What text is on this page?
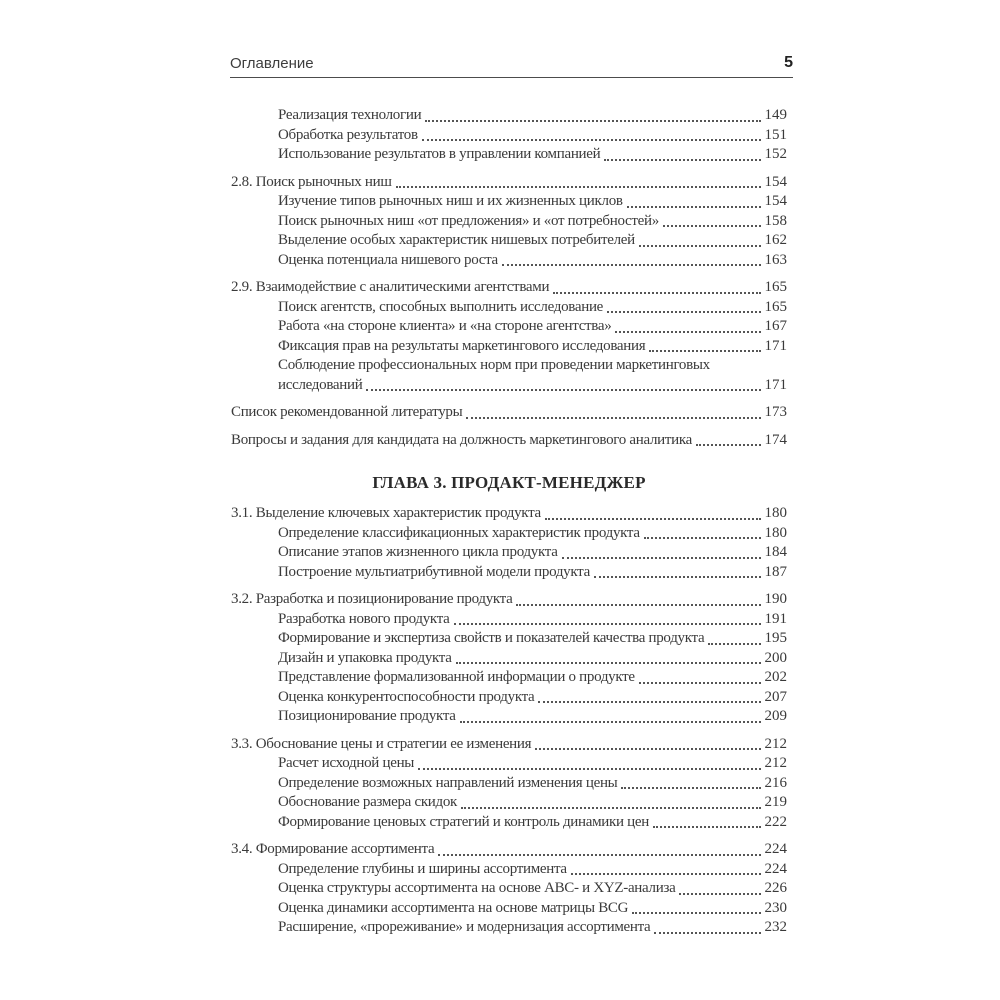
Оглавление	5
Реализация технологии	149
Обработка результатов	151
Использование результатов в управлении компанией	152
2.8. Поиск рыночных ниш	154
Изучение типов рыночных ниш и их жизненных циклов	154
Поиск рыночных ниш «от предложения» и «от потребностей»	158
Выделение особых характеристик нишевых потребителей	162
Оценка потенциала нишевого роста	163
2.9. Взаимодействие с аналитическими агентствами	165
Поиск агентств, способных выполнить исследование	165
Работа «на стороне клиента» и «на стороне агентства»	167
Фиксация прав на результаты маркетингового исследования	171
Соблюдение профессиональных норм при проведении маркетинговых
исследований	171
Список рекомендованной литературы	173
Вопросы и задания для кандидата на должность маркетингового аналитика	174
ГЛАВА 3. ПРОДАКТ-МЕНЕДЖЕР
3.1. Выделение ключевых характеристик продукта	180
Определение классификационных характеристик продукта	180
Описание этапов жизненного цикла продукта	184
Построение мультиатрибутивной модели продукта	187
3.2. Разработка и позиционирование продукта	190
Разработка нового продукта	191
Формирование и экспертиза свойств и показателей качества продукта	195
Дизайн и упаковка продукта	200
Представление формализованной информации о продукте	202
Оценка конкурентоспособности продукта	207
Позиционирование продукта	209
3.3. Обоснование цены и стратегии ее изменения	212
Расчет исходной цены	212
Определение возможных направлений изменения цены	216
Обоснование размера скидок	219
Формирование ценовых стратегий и контроль динамики цен	222
3.4. Формирование ассортимента	224
Определение глубины и ширины ассортимента	224
Оценка структуры ассортимента на основе ABC- и XYZ-анализа	226
Оценка динамики ассортимента на основе матрицы BCG	230
Расширение, «прореживание» и модернизация ассортимента	232
